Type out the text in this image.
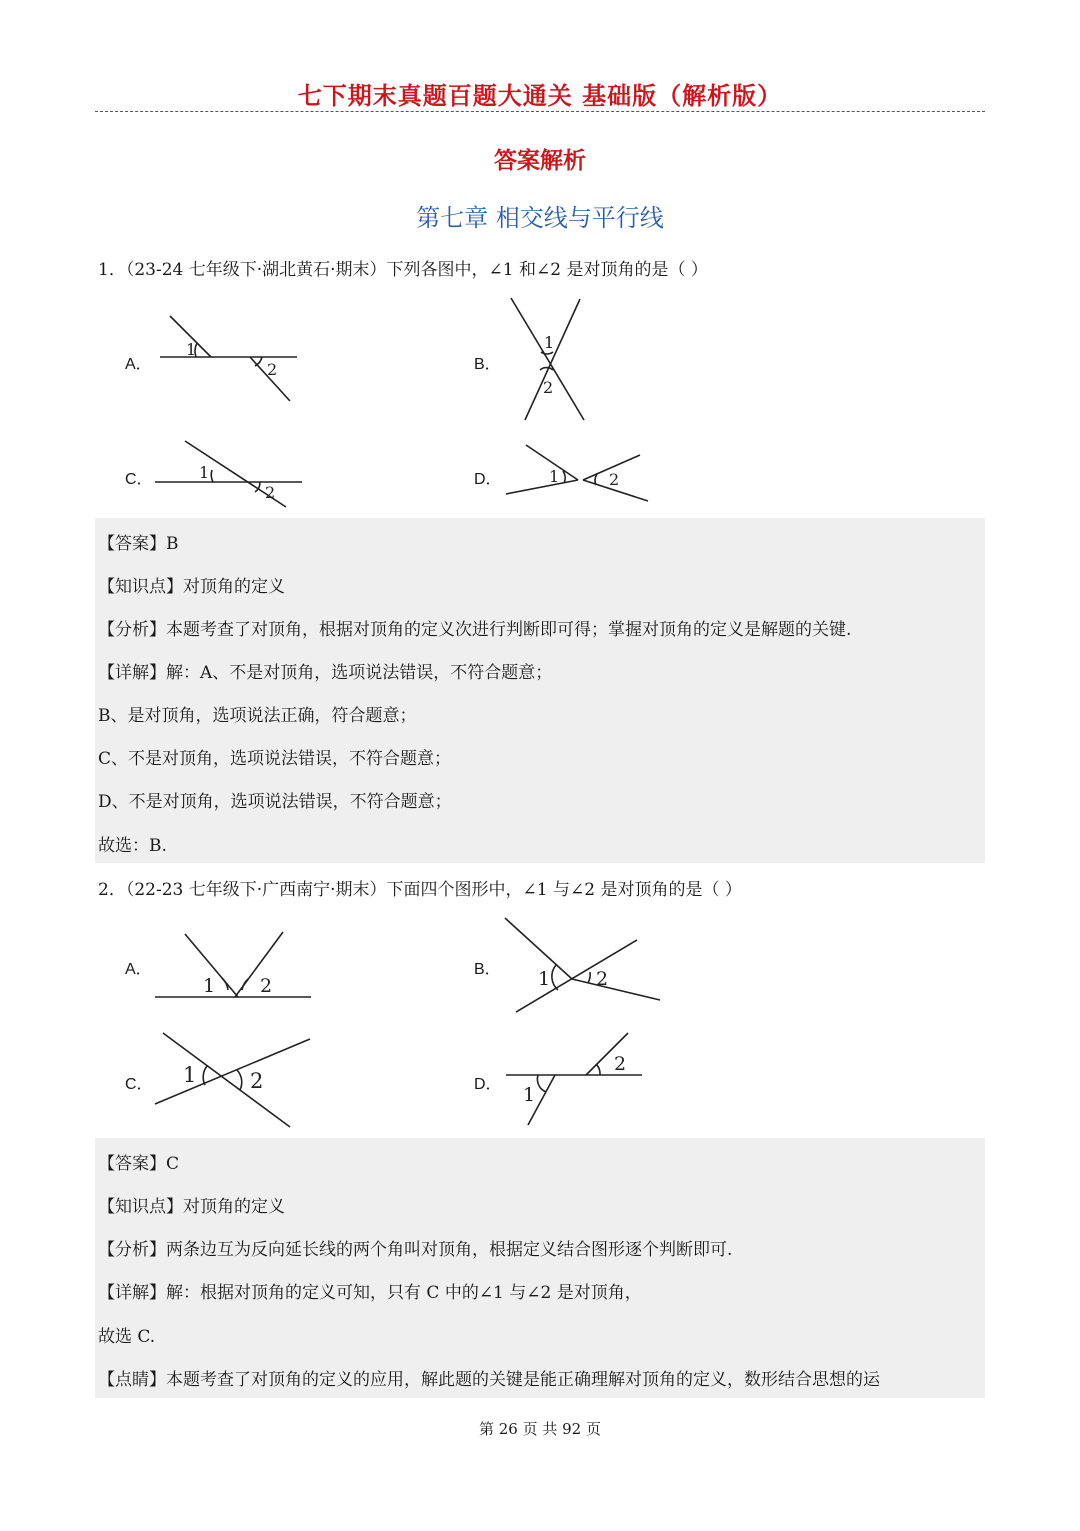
七下期末真题百题大通关 基础版（解析版）
答案解析
第七章 相交线与平行线
1．（23-24 七年级下·湖北黄石·期末）下列各图中，∠1 和∠2 是对顶角的是（ ）
A．	B．
C．	D．
1
2
1
2
1
2
1	2
1 2	1 2
1	2
1
2
【答案】B
【知识点】对顶角的定义
【分析】本题考查了对顶角，根据对顶角的定义次进行判断即可得；掌握对顶角的定义是解题的关键.
【详解】解：A、不是对顶角，选项说法错误，不符合题意；
B、是对顶角，选项说法正确，符合题意；
C、不是对顶角，选项说法错误，不符合题意；
D、不是对顶角，选项说法错误，不符合题意；
故选：B.
2．（22-23 七年级下·广西南宁·期末）下面四个图形中，∠1 与∠2 是对顶角的是（ ）
A．	B．
C．	D．
【答案】C
【知识点】对顶角的定义
【分析】两条边互为反向延长线的两个角叫对顶角，根据定义结合图形逐个判断即可.
【详解】解：根据对顶角的定义可知，只有 C 中的∠1 与∠2 是对顶角，
故选 C.
【点睛】本题考查了对顶角的定义的应用，解此题的关键是能正确理解对顶角的定义，数形结合思想的运
第 26 页 共 92 页
